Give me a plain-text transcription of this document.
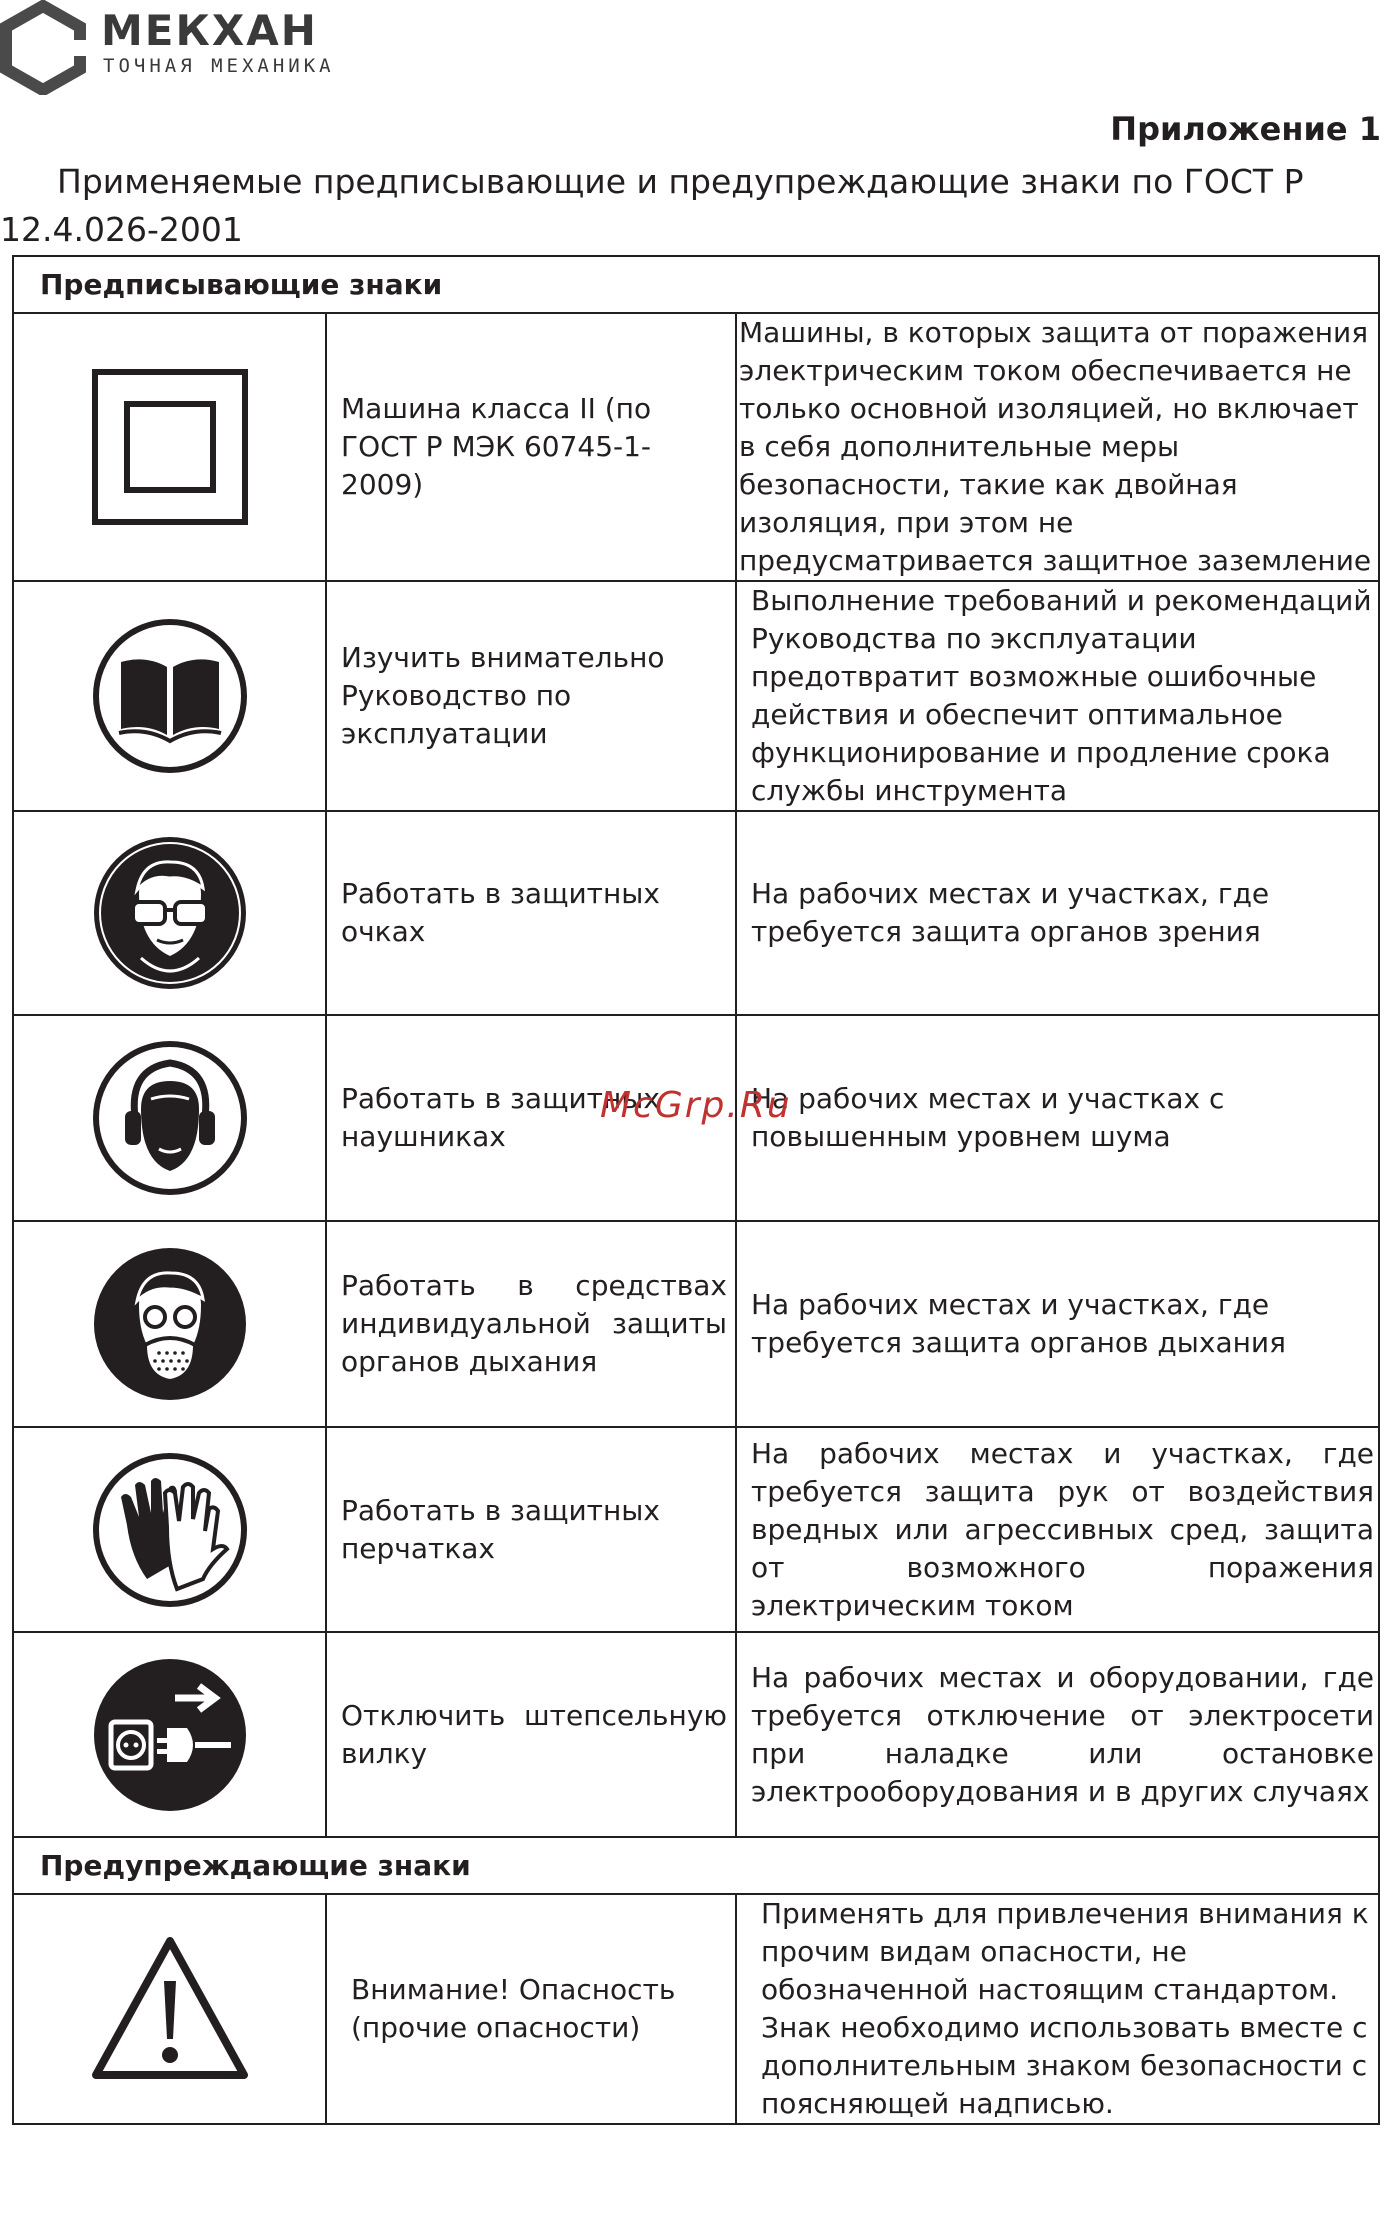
МЕКХАН
ТОЧНАЯ МЕХАНИКА
Приложение 1
Применяемые предписывающие и предупреждающие знаки по ГОСТ Р 12.4.026-2001
Предписывающие знаки		
	Машина класса II (по ГОСТ Р МЭК 60745-1-2009)	Машины, в которых защита от поражения электрическим током обеспечивается не только основной изоляцией, но включает в себя дополнительные меры безопасности, такие как двойная изоляция, при этом не предусматривается защитное заземление
	Изучить внимательно Руководство по эксплуатации	Выполнение требований и рекомендаций Руководства по эксплуатации предотвратит возможные ошибочные действия и обеспечит оптимальное функционирование и продление срока службы инструмента
	Работать в защитных очках	На рабочих местах и участках, где требуется защита органов зрения
	Работать в защитных наушниках	На рабочих местах и участках с повышенным уровнем шума
	Работать в средствах индивидуальной защиты органов дыхания	На рабочих местах и участках, где требуется защита органов дыхания
	Работать в защитных перчатках	На рабочих местах и участках, где требуется защита рук от воздействия вредных или агрессивных сред, защита от возможного поражения электрическим током
	Отключить штепсельную вилку	На рабочих местах и оборудовании, где требуется отключение от электросети при наладке или остановке электрооборудования и в других случаях
Предупреждающие знаки		
	Внимание! Опасность (прочие опасности)	Применять для привлечения внимания к прочим видам опасности, не обозначенной настоящим стандартом. Знак необходимо использовать вместе с дополнительным знаком безопасности с поясняющей надписью.
McGrp.Ru
